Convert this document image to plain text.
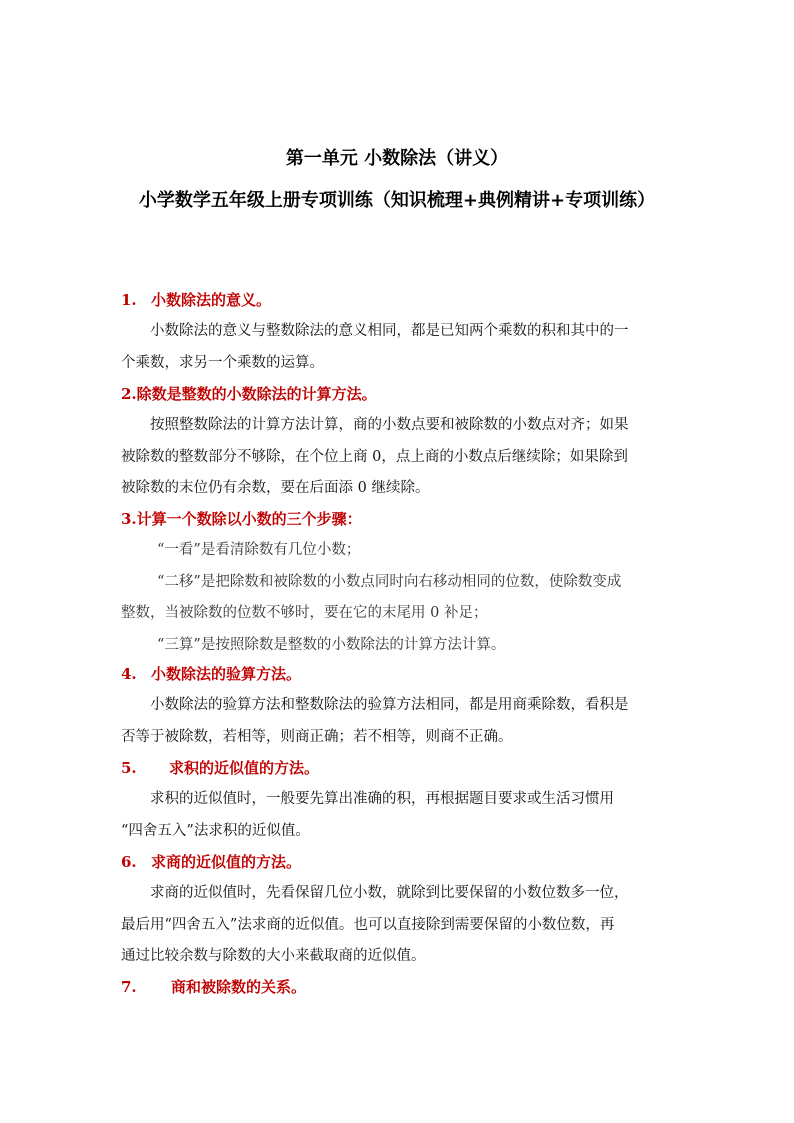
第一单元 小数除法（讲义）
小学数学五年级上册专项训练（知识梳理+典例精讲+专项训练）
1. 小数除法的意义。
小数除法的意义与整数除法的意义相同，都是已知两个乘数的积和其中的一
个乘数，求另一个乘数的运算。
2.除数是整数的小数除法的计算方法。
按照整数除法的计算方法计算，商的小数点要和被除数的小数点对齐；如果
被除数的整数部分不够除，在个位上商 0，点上商的小数点后继续除；如果除到
被除数的末位仍有余数，要在后面添 0 继续除。
3.计算一个数除以小数的三个步骤：
“一看”是看清除数有几位小数；
“二移”是把除数和被除数的小数点同时向右移动相同的位数，使除数变成
整数，当被除数的位数不够时，要在它的末尾用 0 补足；
“三算”是按照除数是整数的小数除法的计算方法计算。
4. 小数除法的验算方法。
小数除法的验算方法和整数除法的验算方法相同，都是用商乘除数，看积是
否等于被除数，若相等，则商正确；若不相等，则商不正确。
5. 求积的近似值的方法。
求积的近似值时，一般要先算出准确的积，再根据题目要求或生活习惯用
“四舍五入”法求积的近似值。
6. 求商的近似值的方法。
求商的近似值时，先看保留几位小数，就除到比要保留的小数位数多一位，
最后用“四舍五入”法求商的近似值。也可以直接除到需要保留的小数位数，再
通过比较余数与除数的大小来截取商的近似值。
7. 商和被除数的关系。
